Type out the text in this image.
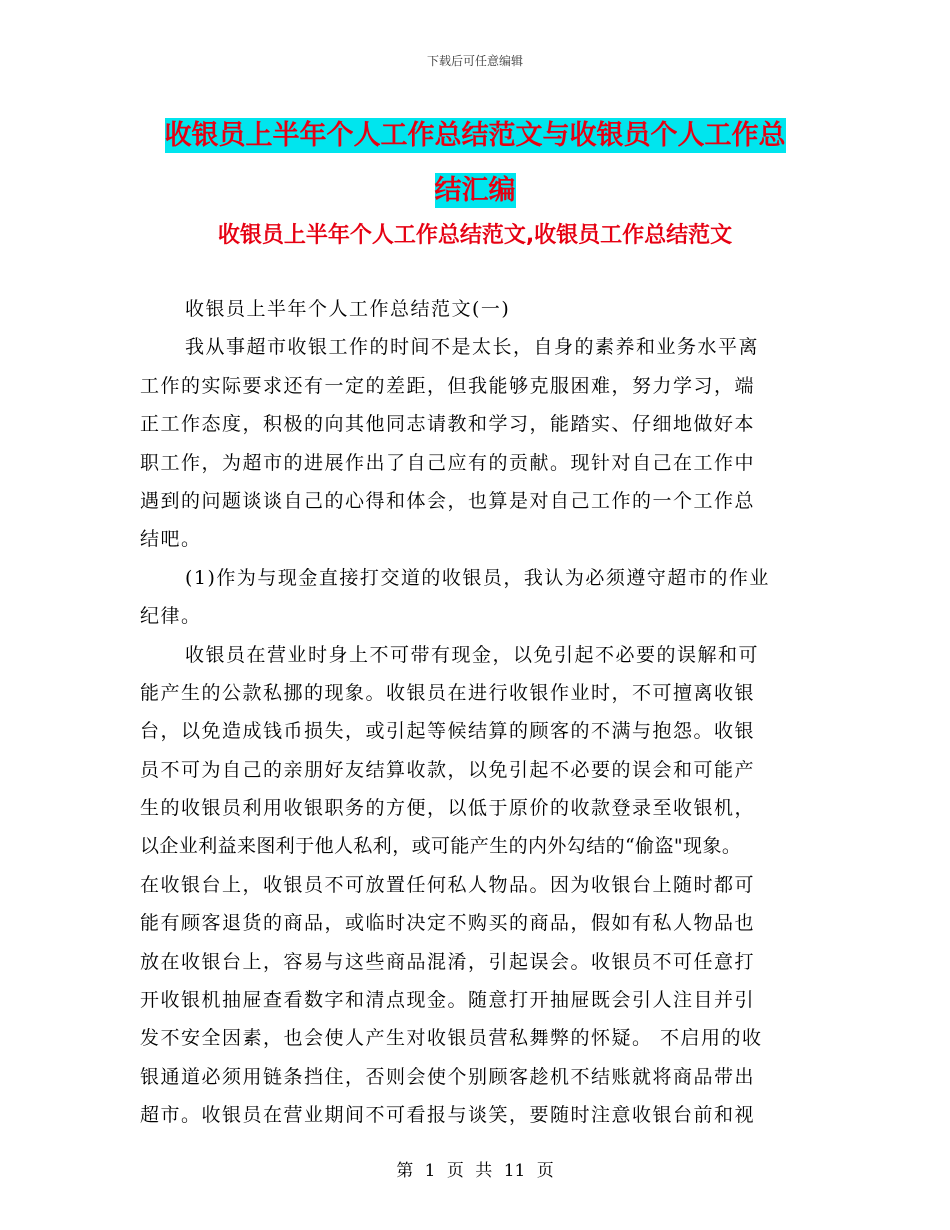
下载后可任意编辑
收银员上半年个人工作总结范文与收银员个人工作总
结汇编
收银员上半年个人工作总结范文,收银员工作总结范文
收银员上半年个人工作总结范文(一)
我从事超市收银工作的时间不是太长，自身的素养和业务水平离
工作的实际要求还有一定的差距，但我能够克服困难，努力学习，端
正工作态度，积极的向其他同志请教和学习，能踏实、仔细地做好本
职工作，为超市的进展作出了自己应有的贡献。现针对自己在工作中
遇到的问题谈谈自己的心得和体会，也算是对自己工作的一个工作总
结吧。
(1)作为与现金直接打交道的收银员，我认为必须遵守超市的作业
纪律。
收银员在营业时身上不可带有现金，以免引起不必要的误解和可
能产生的公款私挪的现象。收银员在进行收银作业时，不可擅离收银
台，以免造成钱币损失，或引起等候结算的顾客的不满与抱怨。收银
员不可为自己的亲朋好友结算收款，以免引起不必要的误会和可能产
生的收银员利用收银职务的方便，以低于原价的收款登录至收银机，
以企业利益来图利于他人私利，或可能产生的内外勾结的“偷盗"现象。
在收银台上，收银员不可放置任何私人物品。因为收银台上随时都可
能有顾客退货的商品，或临时决定不购买的商品，假如有私人物品也
放在收银台上，容易与这些商品混淆，引起误会。收银员不可任意打
开收银机抽屉查看数字和清点现金。随意打开抽屉既会引人注目并引
发不安全因素，也会使人产生对收银员营私舞弊的怀疑。 不启用的收
银通道必须用链条挡住，否则会使个别顾客趁机不结账就将商品带出
超市。收银员在营业期间不可看报与谈笑，要随时注意收银台前和视
第 1 页 共 11 页
